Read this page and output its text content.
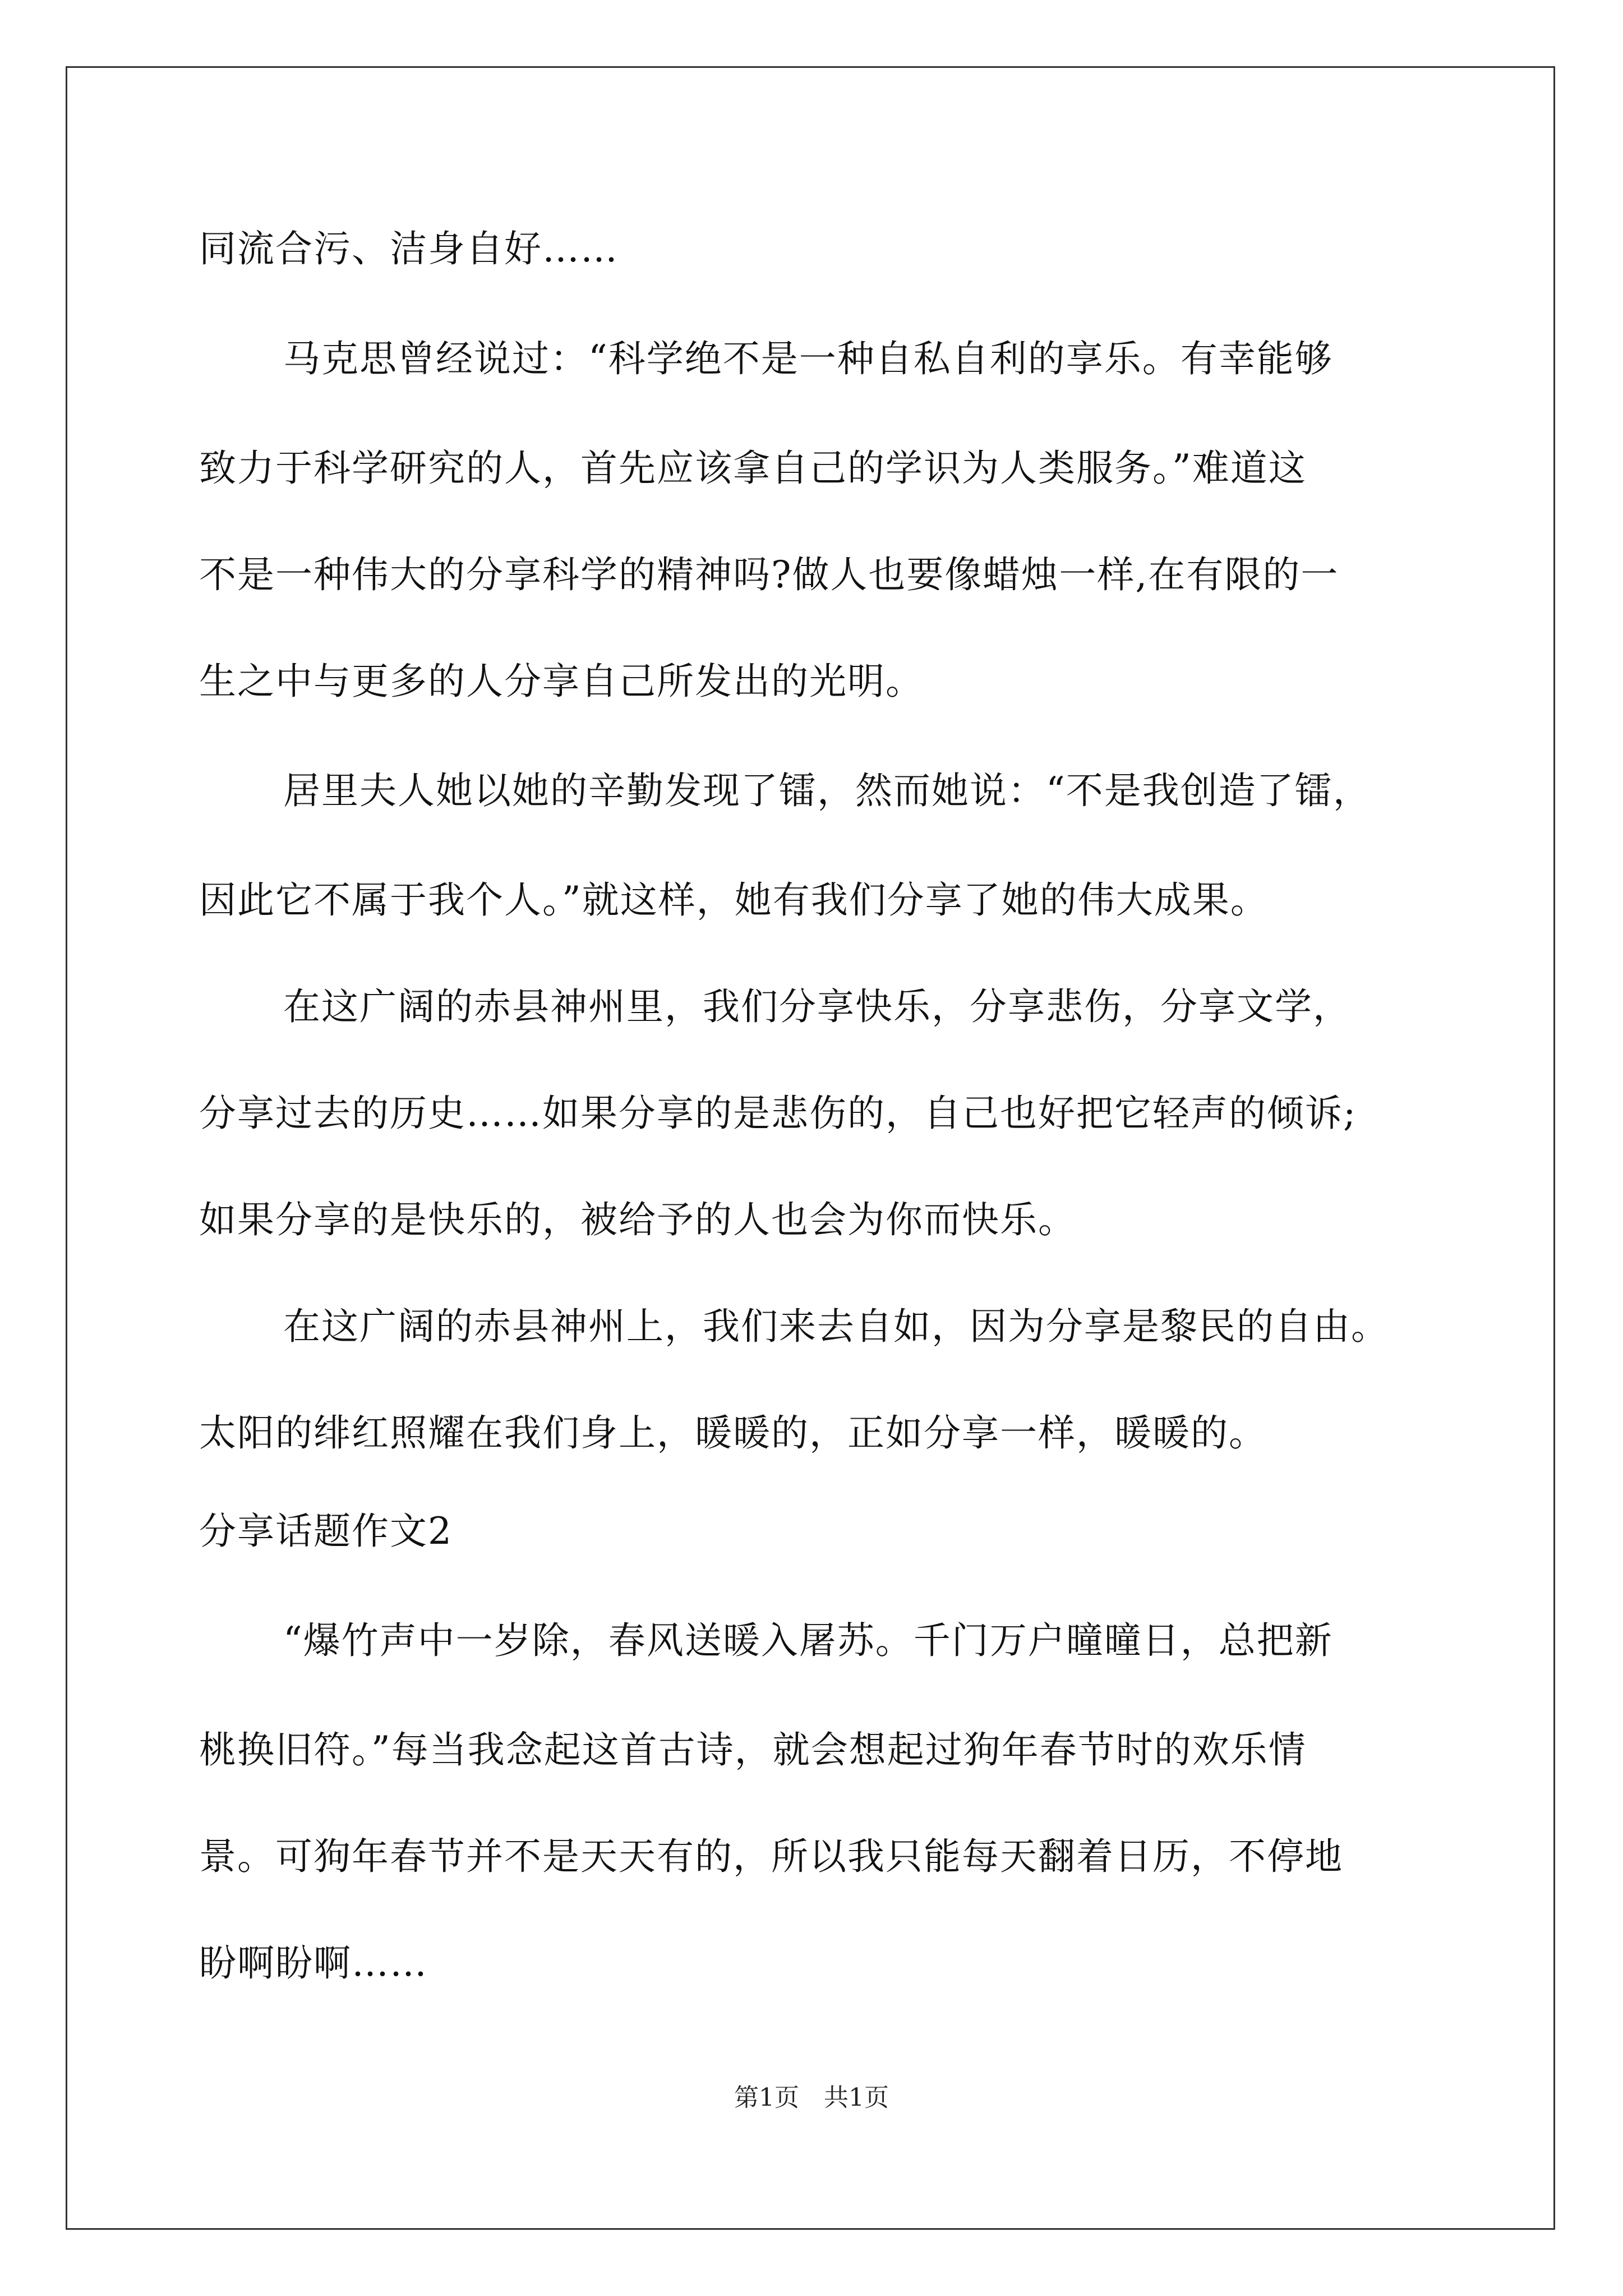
同流合污、洁身自好……
马克思曾经说过：“科学绝不是一种自私自利的享乐。有幸能够
致力于科学研究的人，首先应该拿自己的学识为人类服务。”难道这
不是一种伟大的分享科学的精神吗?做人也要像蜡烛一样,在有限的一
生之中与更多的人分享自己所发出的光明。
居里夫人她以她的辛勤发现了镭，然而她说：“不是我创造了镭，
因此它不属于我个人。”就这样，她有我们分享了她的伟大成果。
在这广阔的赤县神州里，我们分享快乐，分享悲伤，分享文学，
分享过去的历史……如果分享的是悲伤的，自己也好把它轻声的倾诉;
如果分享的是快乐的，被给予的人也会为你而快乐。
在这广阔的赤县神州上，我们来去自如，因为分享是黎民的自由。
太阳的绯红照耀在我们身上，暖暖的，正如分享一样，暖暖的。
分享话题作文2
“爆竹声中一岁除，春风送暖入屠苏。千门万户曈曈日，总把新
桃换旧符。”每当我念起这首古诗，就会想起过狗年春节时的欢乐情
景。可狗年春节并不是天天有的，所以我只能每天翻着日历，不停地
盼啊盼啊……
第1页　共1页
